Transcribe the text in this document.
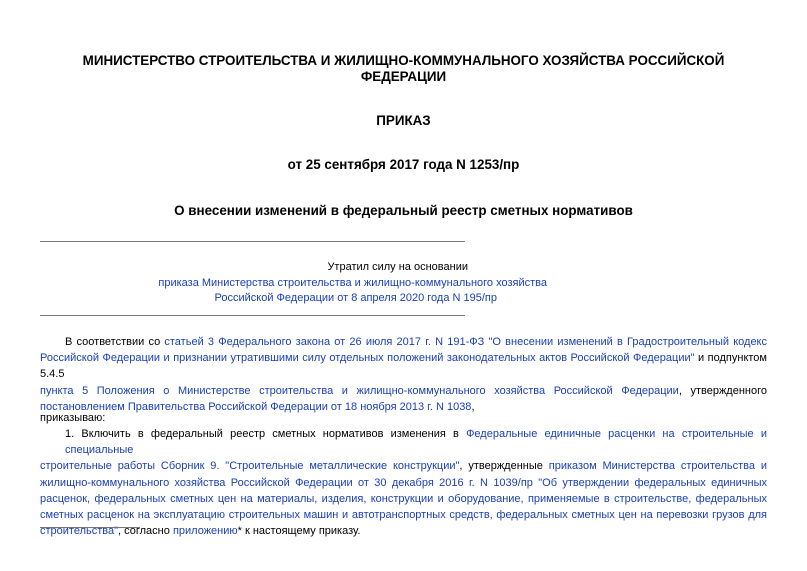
МИНИСТЕРСТВО СТРОИТЕЛЬСТВА И ЖИЛИЩНО-КОММУНАЛЬНОГО ХОЗЯЙСТВА РОССИЙСКОЙ
ФЕДЕРАЦИИ
ПРИКАЗ
от 25 сентября 2017 года N 1253/пр
О внесении изменений в федеральный реестр сметных нормативов
Утратил силу на основании
приказа Министерства строительства и жилищно-коммунального хозяйства
Российской Федерации от 8 апреля 2020 года N 195/пр
В соответствии со статьей 3 Федерального закона от 26 июля 2017 г. N 191-ФЗ "О внесении изменений в Градостроительный кодекс
Российской Федерации и признании утратившими силу отдельных положений законодательных актов Российской Федерации" и подпунктом 5.4.5
пункта 5 Положения о Министерстве строительства и жилищно-коммунального хозяйства Российской Федерации, утвержденного
постановлением Правительства Российской Федерации от 18 ноября 2013 г. N 1038,
приказываю:
1. Включить в федеральный реестр сметных нормативов изменения в Федеральные единичные расценки на строительные и специальные
строительные работы Сборник 9. "Строительные металлические конструкции", утвержденные приказом Министерства строительства и
жилищно-коммунального хозяйства Российской Федерации от 30 декабря 2016 г. N 1039/пр "Об утверждении федеральных единичных
расценок, федеральных сметных цен на материалы, изделия, конструкции и оборудование, применяемые в строительстве, федеральных
сметных расценок на эксплуатацию строительных машин и автотранспортных средств, федеральных сметных цен на перевозки грузов для
строительства", согласно приложению* к настоящему приказу.
